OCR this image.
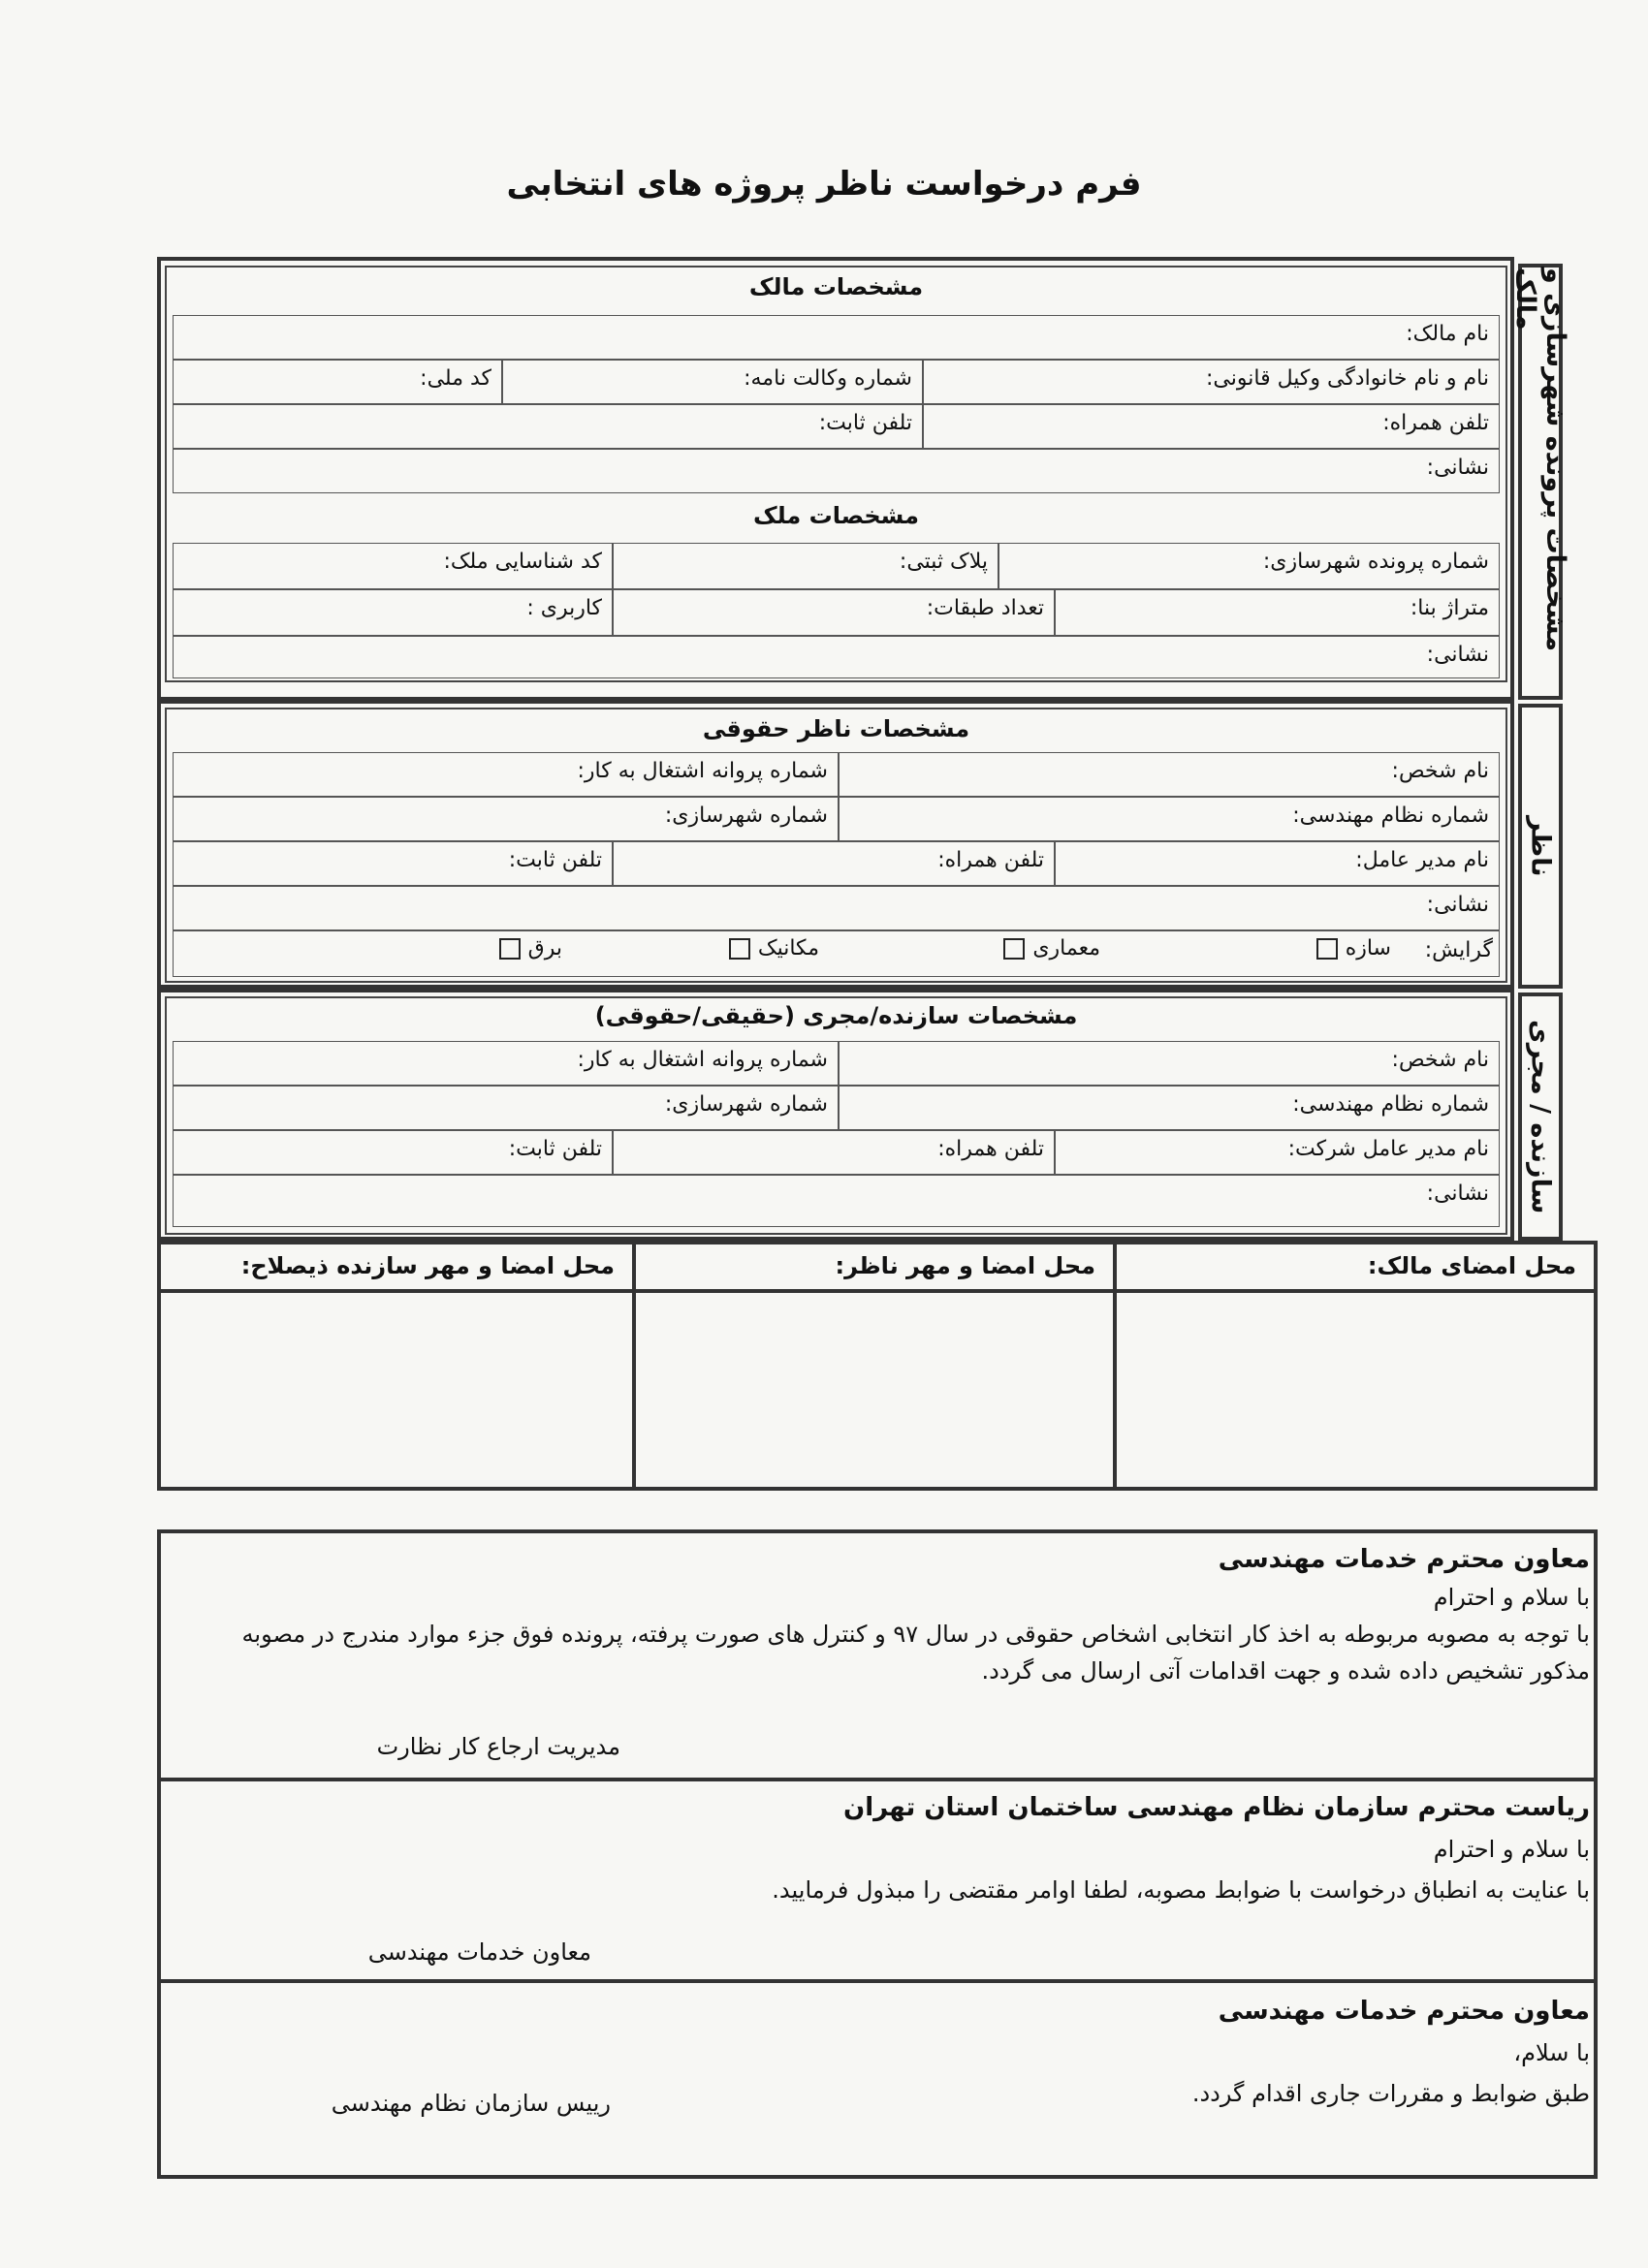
فرم درخواست ناظر پروژه های انتخابی
مشخصات پرونده شهرسازی و مالک
مشخصات مالک
نام مالک:
نام و نام خانوادگی وکیل قانونی:
شماره وکالت نامه:
کد ملی:
تلفن همراه:
تلفن ثابت:
نشانی:
مشخصات ملک
شماره پرونده شهرسازی:
پلاک ثبتی:
کد شناسایی ملک:
متراژ بنا:
تعداد طبقات:
کاربری :
نشانی:
ناظر
مشخصات ناظر حقوقی
نام شخص:
شماره پروانه اشتغال به کار:
شماره نظام مهندسی:
شماره شهرسازی:
نام مدیر عامل:
تلفن همراه:
تلفن ثابت:
نشانی:
گرایش:
سازه
معماری
مکانیک
برق
سازنده / مجری
مشخصات سازنده/مجری (حقیقی/حقوقی)
نام شخص:
شماره پروانه اشتغال به کار:
شماره نظام مهندسی:
شماره شهرسازی:
نام مدیر عامل شرکت:
تلفن همراه:
تلفن ثابت:
نشانی:
محل امضای مالک:
محل امضا و مهر ناظر:
محل امضا و مهر سازنده ذیصلاح:
معاون محترم خدمات مهندسی
با سلام و احترام
با توجه به مصوبه مربوطه به اخذ کار انتخابی اشخاص حقوقی در سال ۹۷ و کنترل های صورت پرفته، پرونده فوق جزء موارد مندرج در مصوبه
مذکور تشخیص داده شده و جهت اقدامات آتی ارسال می گردد.
مدیریت ارجاع کار نظارت
ریاست محترم سازمان نظام مهندسی ساختمان استان تهران
با سلام و احترام
با عنایت به انطباق درخواست با ضوابط مصوبه، لطفا اوامر مقتضی را مبذول فرمایید.
معاون خدمات مهندسی
معاون محترم خدمات مهندسی
با سلام،
طبق ضوابط و مقررات جاری اقدام گردد.
رییس سازمان نظام مهندسی
